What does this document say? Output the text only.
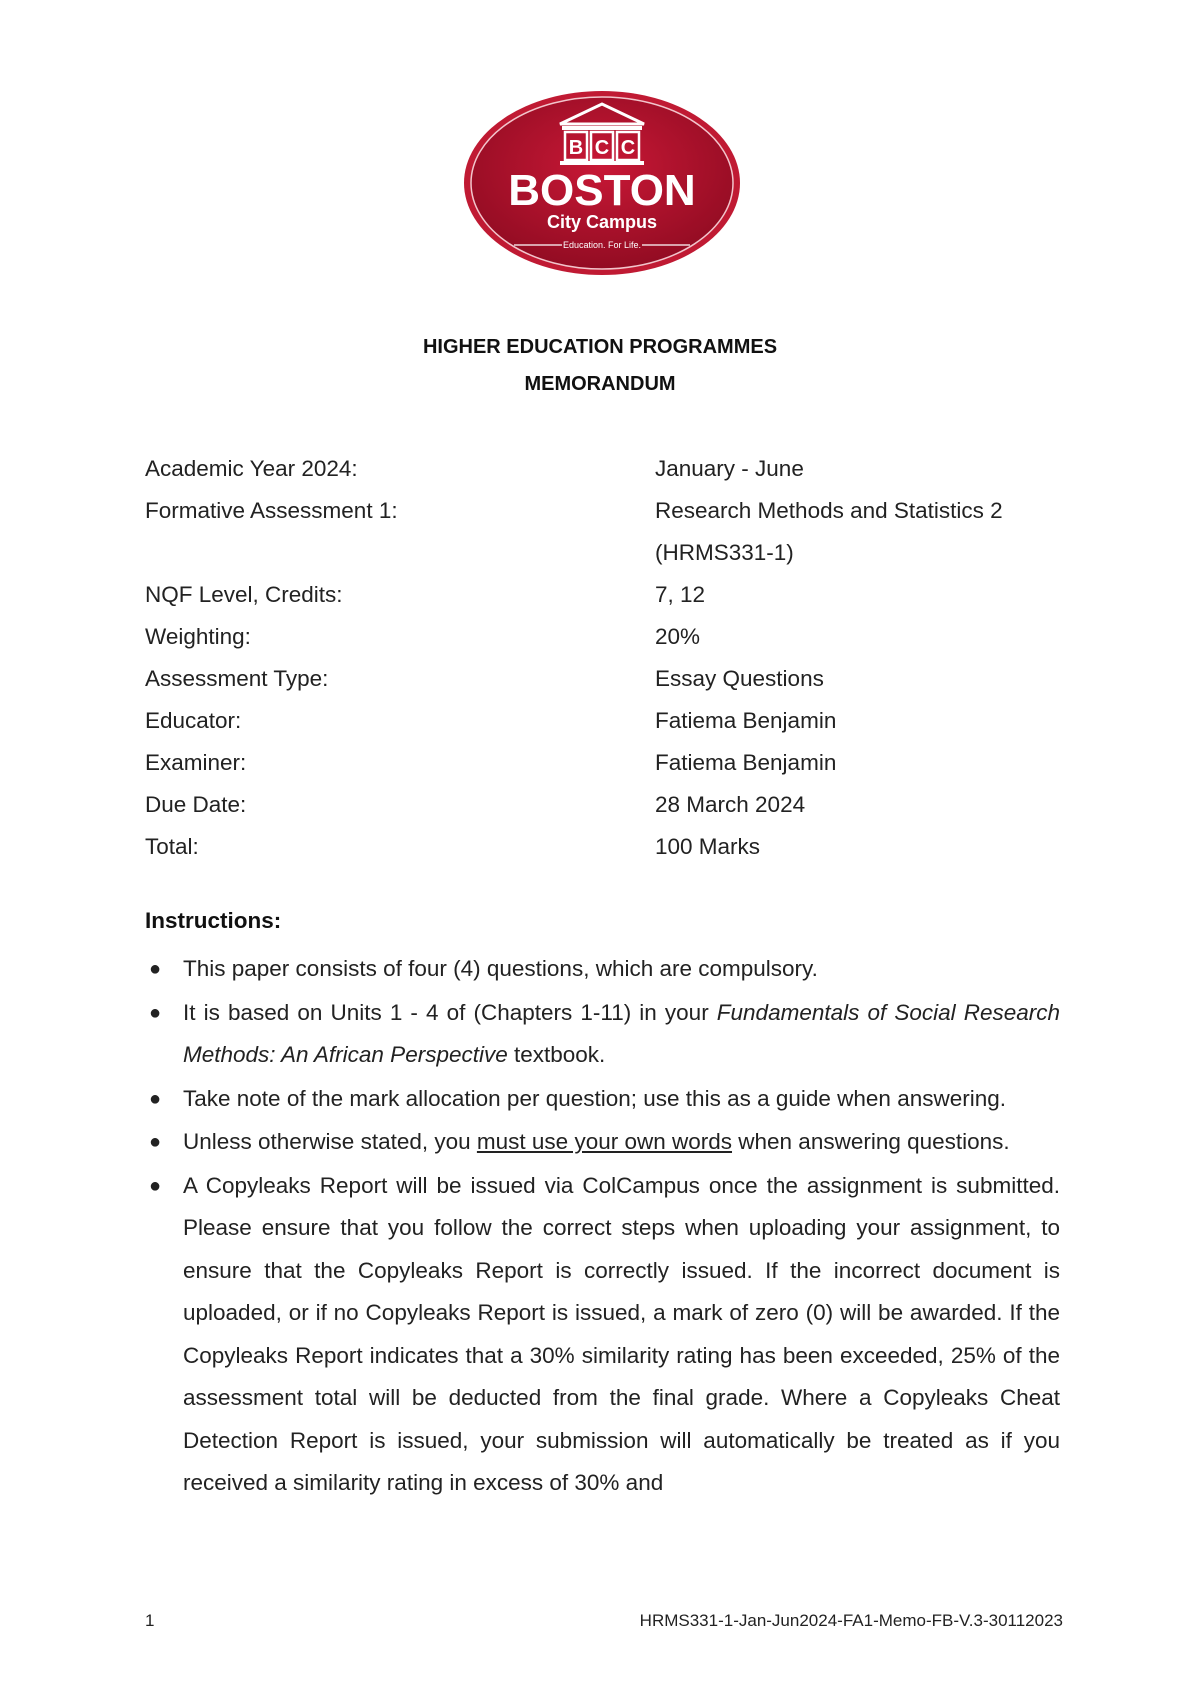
B C C
BOSTON
City Campus
Education. For Life.
HIGHER EDUCATION PROGRAMMES
MEMORANDUM
Academic Year 2024:	January - June
Formative Assessment 1:	Research Methods and Statistics 2
(HRMS331-1)
NQF Level, Credits:	7, 12
Weighting:	20%
Assessment Type:	Essay Questions
Educator:	Fatiema Benjamin
Examiner:	Fatiema Benjamin
Due Date:	28 March 2024
Total:	100 Marks
Instructions:
● This paper consists of four (4) questions, which are compulsory.
● It is based on Units 1 - 4 of (Chapters 1-11) in your Fundamentals of Social Research Methods: An African Perspective textbook.
● Take note of the mark allocation per question; use this as a guide when answering.
● Unless otherwise stated, you must use your own words when answering questions.
● A Copyleaks Report will be issued via ColCampus once the assignment is submitted. Please ensure that you follow the correct steps when uploading your assignment, to ensure that the Copyleaks Report is correctly issued. If the incorrect document is uploaded, or if no Copyleaks Report is issued, a mark of zero (0) will be awarded. If the Copyleaks Report indicates that a 30% similarity rating has been exceeded, 25% of the assessment total will be deducted from the final grade. Where a Copyleaks Cheat Detection Report is issued, your submission will automatically be treated as if you received a similarity rating in excess of 30% and
1	HRMS331-1-Jan-Jun2024-FA1-Memo-FB-V.3-30112023
